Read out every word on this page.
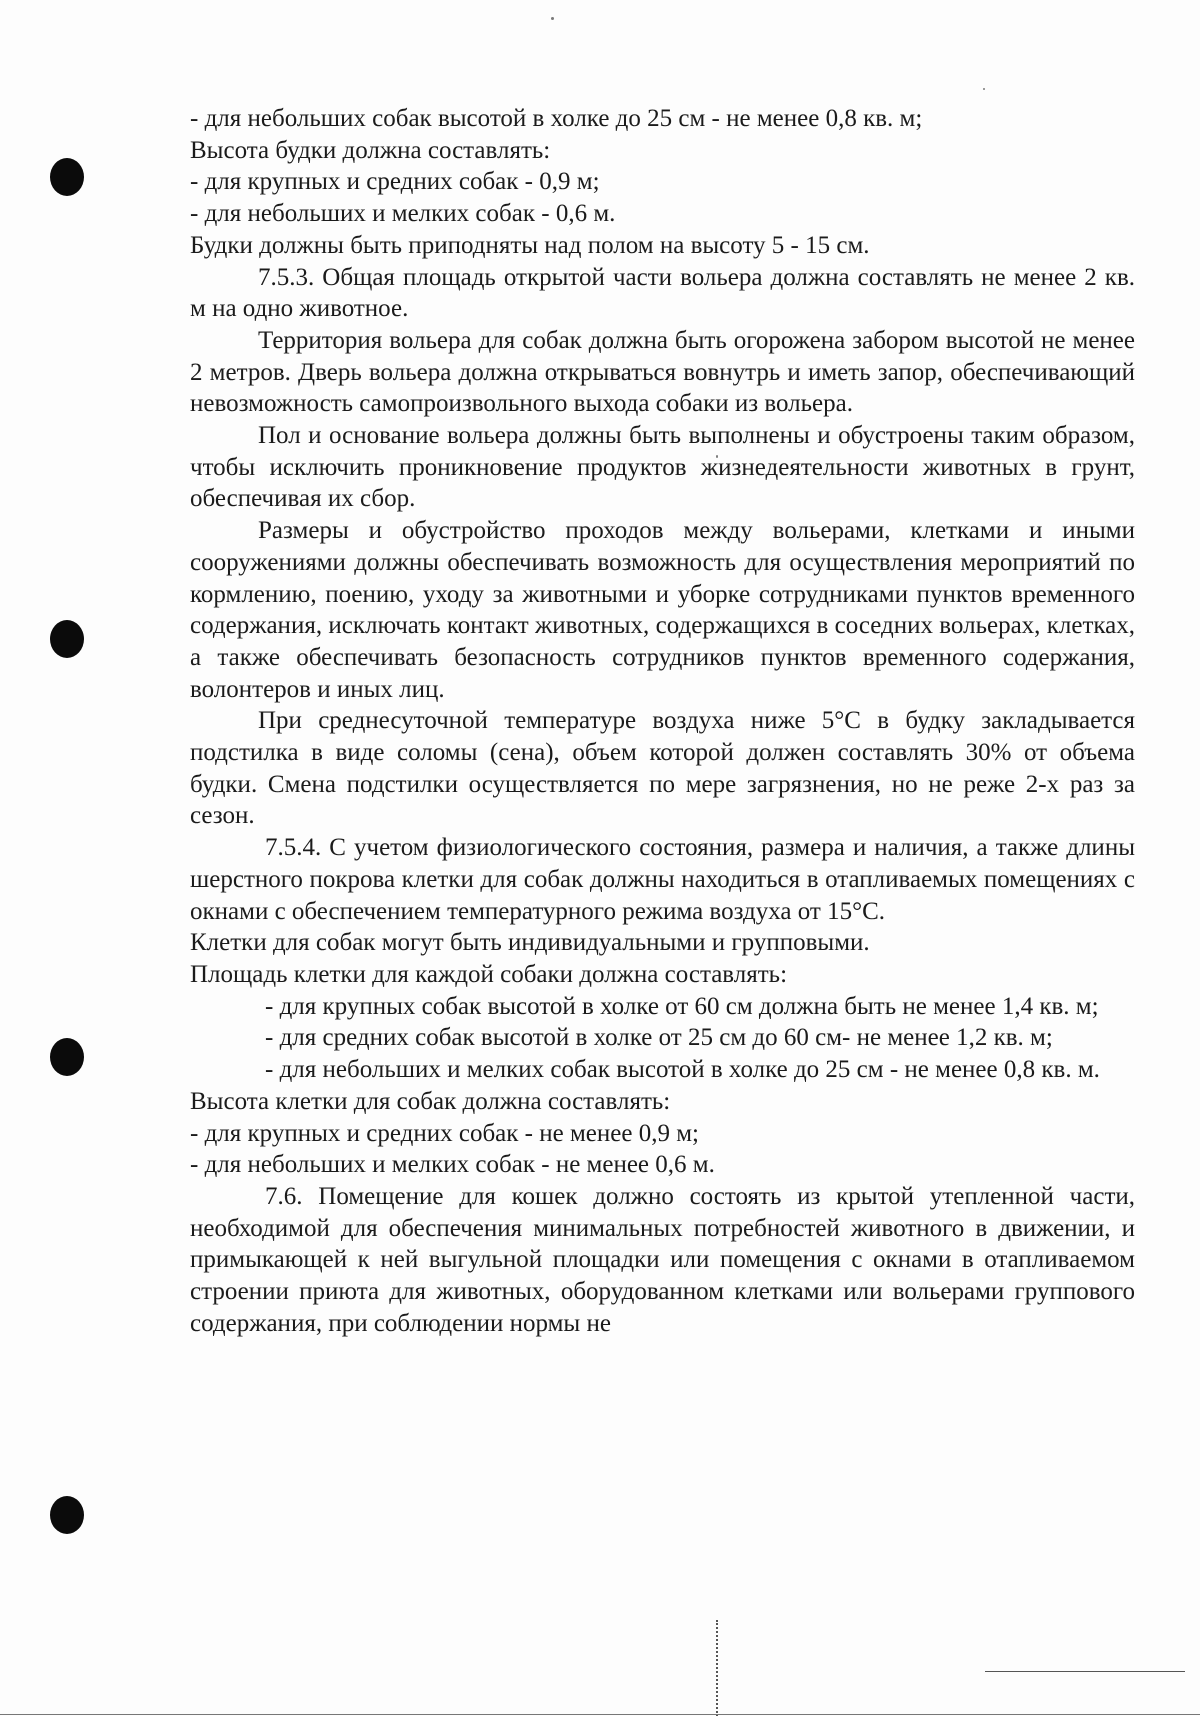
- для небольших собак высотой в холке до 25 см - не менее 0,8 кв. м;

Высота будки должна составлять:

- для крупных и средних собак - 0,9 м;

- для небольших и мелких собак - 0,6 м.

Будки должны быть приподняты над полом на высоту 5 - 15 см.

7.5.3. Общая площадь открытой части вольера должна составлять не менее 2 кв. м на одно животное.

Территория вольера для собак должна быть огорожена забором высотой не менее 2 метров. Дверь вольера должна открываться вовнутрь и иметь запор, обеспечивающий невозможность самопроизвольного выхода собаки из вольера.

Пол и основание вольера должны быть выполнены и обустроены таким образом, чтобы исключить проникновение продуктов жизнедеятельности животных в грунт, обеспечивая их сбор.

Размеры и обустройство проходов между вольерами, клетками и иными сооружениями должны обеспечивать возможность для осуществления мероприятий по кормлению, поению, уходу за животными и уборке сотрудниками пунктов временного содержания, исключать контакт животных, содержащихся в соседних вольерах, клетках, а также обеспечивать безопасность сотрудников пунктов временного содержания, волонтеров и иных лиц.

При среднесуточной температуре воздуха ниже 5°С в будку закладывается подстилка в виде соломы (сена), объем которой должен составлять 30% от объема будки. Смена подстилки осуществляется по мере загрязнения, но не реже 2-х раз за сезон.

7.5.4. С учетом физиологического состояния, размера и наличия, а также длины шерстного покрова клетки для собак должны находиться в отапливаемых помещениях с окнами с обеспечением температурного режима воздуха от 15°С.

Клетки для собак могут быть индивидуальными и групповыми.

Площадь клетки для каждой собаки должна составлять:

- для крупных собак высотой в холке от 60 см должна быть не менее 1,4 кв. м;

- для средних собак высотой в холке от 25 см до 60 см- не менее 1,2 кв. м;

- для небольших и мелких собак высотой в холке до 25 см - не менее 0,8 кв. м.

Высота клетки для собак должна составлять:

- для крупных и средних собак - не менее 0,9 м;

- для небольших и мелких собак - не менее 0,6 м.

7.6. Помещение для кошек должно состоять из крытой утепленной части, необходимой для обеспечения минимальных потребностей животного в движении, и примыкающей к ней выгульной площадки или помещения с окнами в отапливаемом строении приюта для животных, оборудованном клетками или вольерами группового содержания, при соблюдении нормы не
